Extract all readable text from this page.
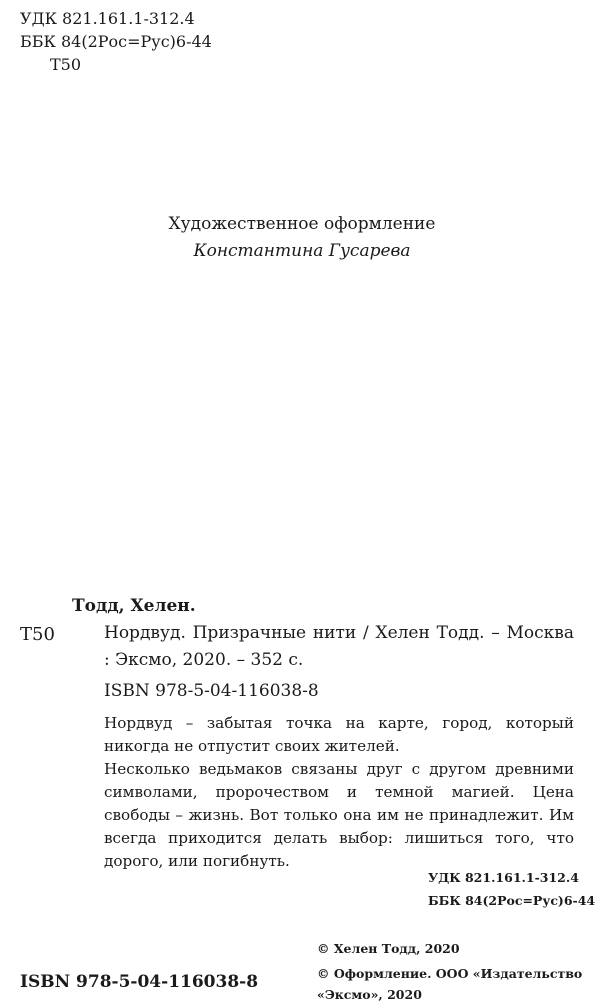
УДК 821.161.1-312.4
ББК 84(2Рос=Рус)6-44
Т50
Художественное оформление
Константина Гусарева
Тодд, Хелен.
Т50	Нордвуд. Призрачные нити / Хелен Тодд. – Москва : Эксмо, 2020. – 352 с.
ISBN 978-5-04-116038-8

Нордвуд – забытая точка на карте, город, который никогда не отпустит своих жителей.

Несколько ведьмаков связаны друг с другом древними символами, пророчеством и темной магией. Цена свободы – жизнь. Вот только она им не принадлежит. Им всегда приходится делать выбор: лишиться того, что дорого, или погибнуть.

УДК 821.161.1-312.4
ББК 84(2Рос=Рус)6-44
ISBN 978-5-04-116038-8
© Хелен Тодд, 2020
© Оформление. ООО «Издательство «Эксмо», 2020
